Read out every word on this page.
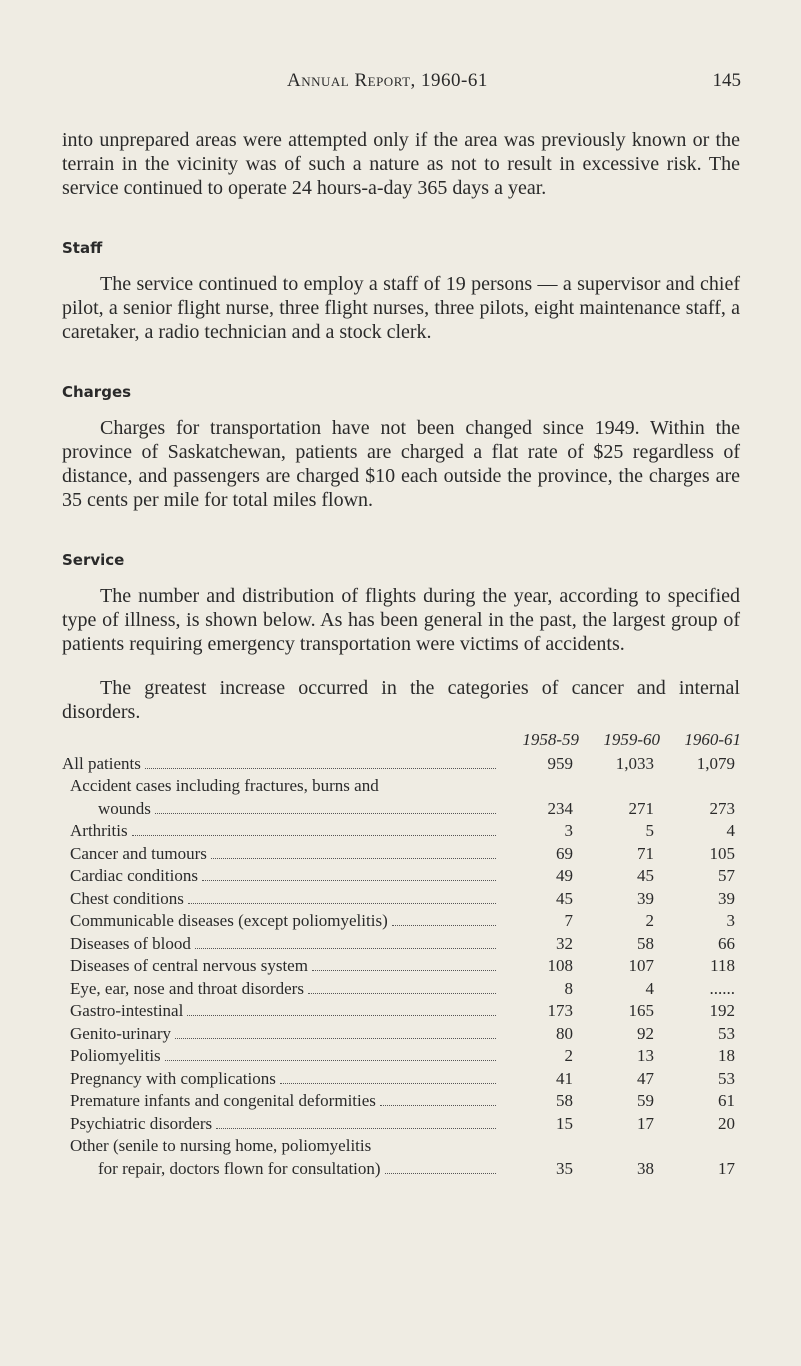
Annual Report, 1960-61	145

into unprepared areas were attempted only if the area was previously known or the terrain in the vicinity was of such a nature as not to result in excessive risk. The service continued to operate 24 hours-a-day 365 days a year.

Staff

The service continued to employ a staff of 19 persons — a supervisor and chief pilot, a senior flight nurse, three flight nurses, three pilots, eight maintenance staff, a caretaker, a radio technician and a stock clerk.

Charges

Charges for transportation have not been changed since 1949. Within the province of Saskatchewan, patients are charged a flat rate of $25 regardless of distance, and passengers are charged $10 each outside the province, the charges are 35 cents per mile for total miles flown.

Service

The number and distribution of flights during the year, according to specified type of illness, is shown below. As has been general in the past, the largest group of patients requiring emergency transportation were victims of accidents.

The greatest increase occurred in the categories of cancer and internal disorders.

	1958-59	1959-60	1960-61

All patients	959	1,033	1,079
Accident cases including fractures, burns and			

wounds	234	271	273

Arthritis	3	5	4

Cancer and tumours	69	71	105

Cardiac conditions	49	45	57

Chest conditions	45	39	39

Communicable diseases (except poliomyelitis)	7	2	3

Diseases of blood	32	58	66

Diseases of central nervous system	108	107	118

Eye, ear, nose and throat disorders	8	4	......

Gastro-intestinal	173	165	192

Genito-urinary	80	92	53

Poliomyelitis	2	13	18

Pregnancy with complications	41	47	53

Premature infants and congenital deformities	58	59	61

Psychiatric disorders	15	17	20
Other (senile to nursing home, poliomyelitis			

for repair, doctors flown for consultation)	35	38	17
